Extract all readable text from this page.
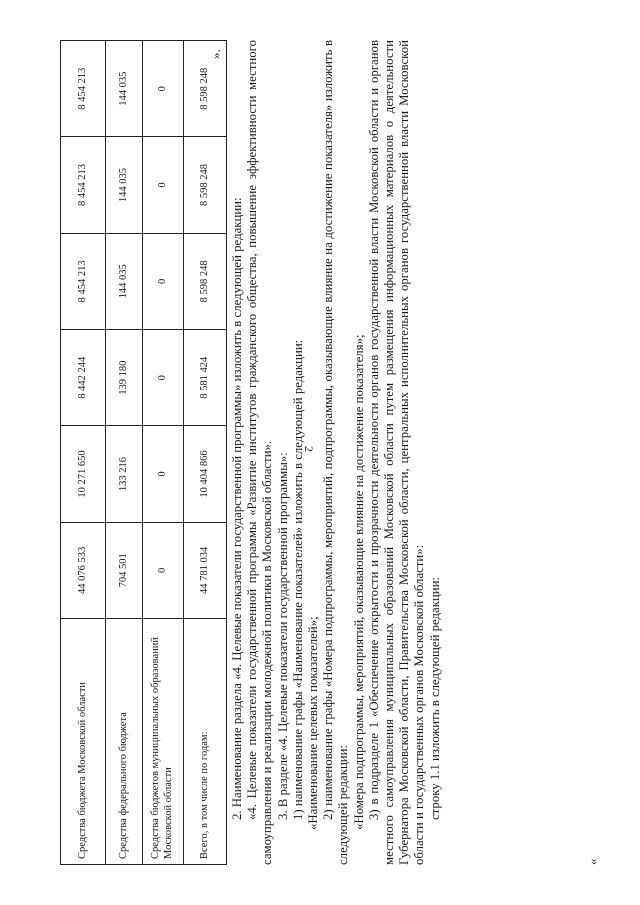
2
Средства бюджета Московской области	44 076 533	10 271 650	8 442 244	8 454 213	8 454 213	8 454 213
Средства федерального бюджета	704 501	133 216	139 180	144 035	144 035	144 035
Средства бюджетов муниципальных образований Московской области	0	0	0	0	0	0
Всего, в том числе по годам:	44 781 034	10 404 866	8 581 424	8 598 248	8 598 248	8 598 248
».

2. Наименование раздела «4. Целевые показатели государственной программы» изложить в следующей редакции: «4. Целевые показатели государственной программы «Развитие институтов гражданского общества, повышение эффективности местного самоуправления и реализации молодежной политики в Московской области». 3. В разделе «4. Целевые показатели государственной программы»: 1) наименование графы «Наименование показателей» изложить в следующей редакции: «Наименование целевых показателей»; 2) наименование графы «Номера подпрограммы, мероприятий, подпрограммы, оказывающие влияние на достижение показателя» изложить в следующей редакции: «Номера подпрограммы, мероприятий, оказывающие влияние на достижение показателя»; 3) в подразделе 1 «Обеспечение открытости и прозрачности деятельности органов государственной власти Московской области и органов местного самоуправления муниципальных образований Московской области путем размещения информационных материалов о деятельности Губернатора Московской области, Правительства Московской области, центральных исполнительных органов государственной власти Московской области и государственных органов Московской области»: строку 1.1 изложить в следующей редакции:

«
